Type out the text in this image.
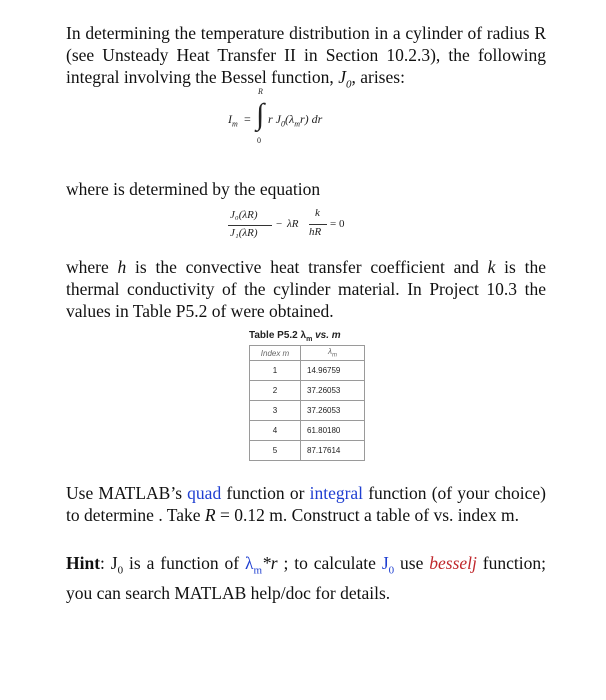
In determining the temperature distribution in a cylinder of radius R (see Unsteady Heat Transfer II in Section 10.2.3), the following integral involving the Bessel function, $J_0$, arises:
$I_m$ =
R
∫
0
r $J_0(\lambda_mr)$ dr
where is determined by the equation
J₀(λR)
J₁(λR)
− λR
k
hR
= 0
where h is the convective heat transfer coefficient and k is the thermal conductivity of the cylinder material. In Project 10.3 the values in Table P5.2 of were obtained.
Table P5.2 $\lambda_m$ vs. m
Index m	$\lambda_m$
1	14.96759
2	37.26053
3	37.26053
4	61.80180
5	87.17614
Use MATLAB’s quad function or integral function (of your choice) to determine . Take R = 0.12 m. Construct a table of vs. index m.
Hint: $J_0$ is a function of $\lambda_m*r$ ; to calculate $J_0$ use besselj function; you can search MATLAB help/doc for details.
